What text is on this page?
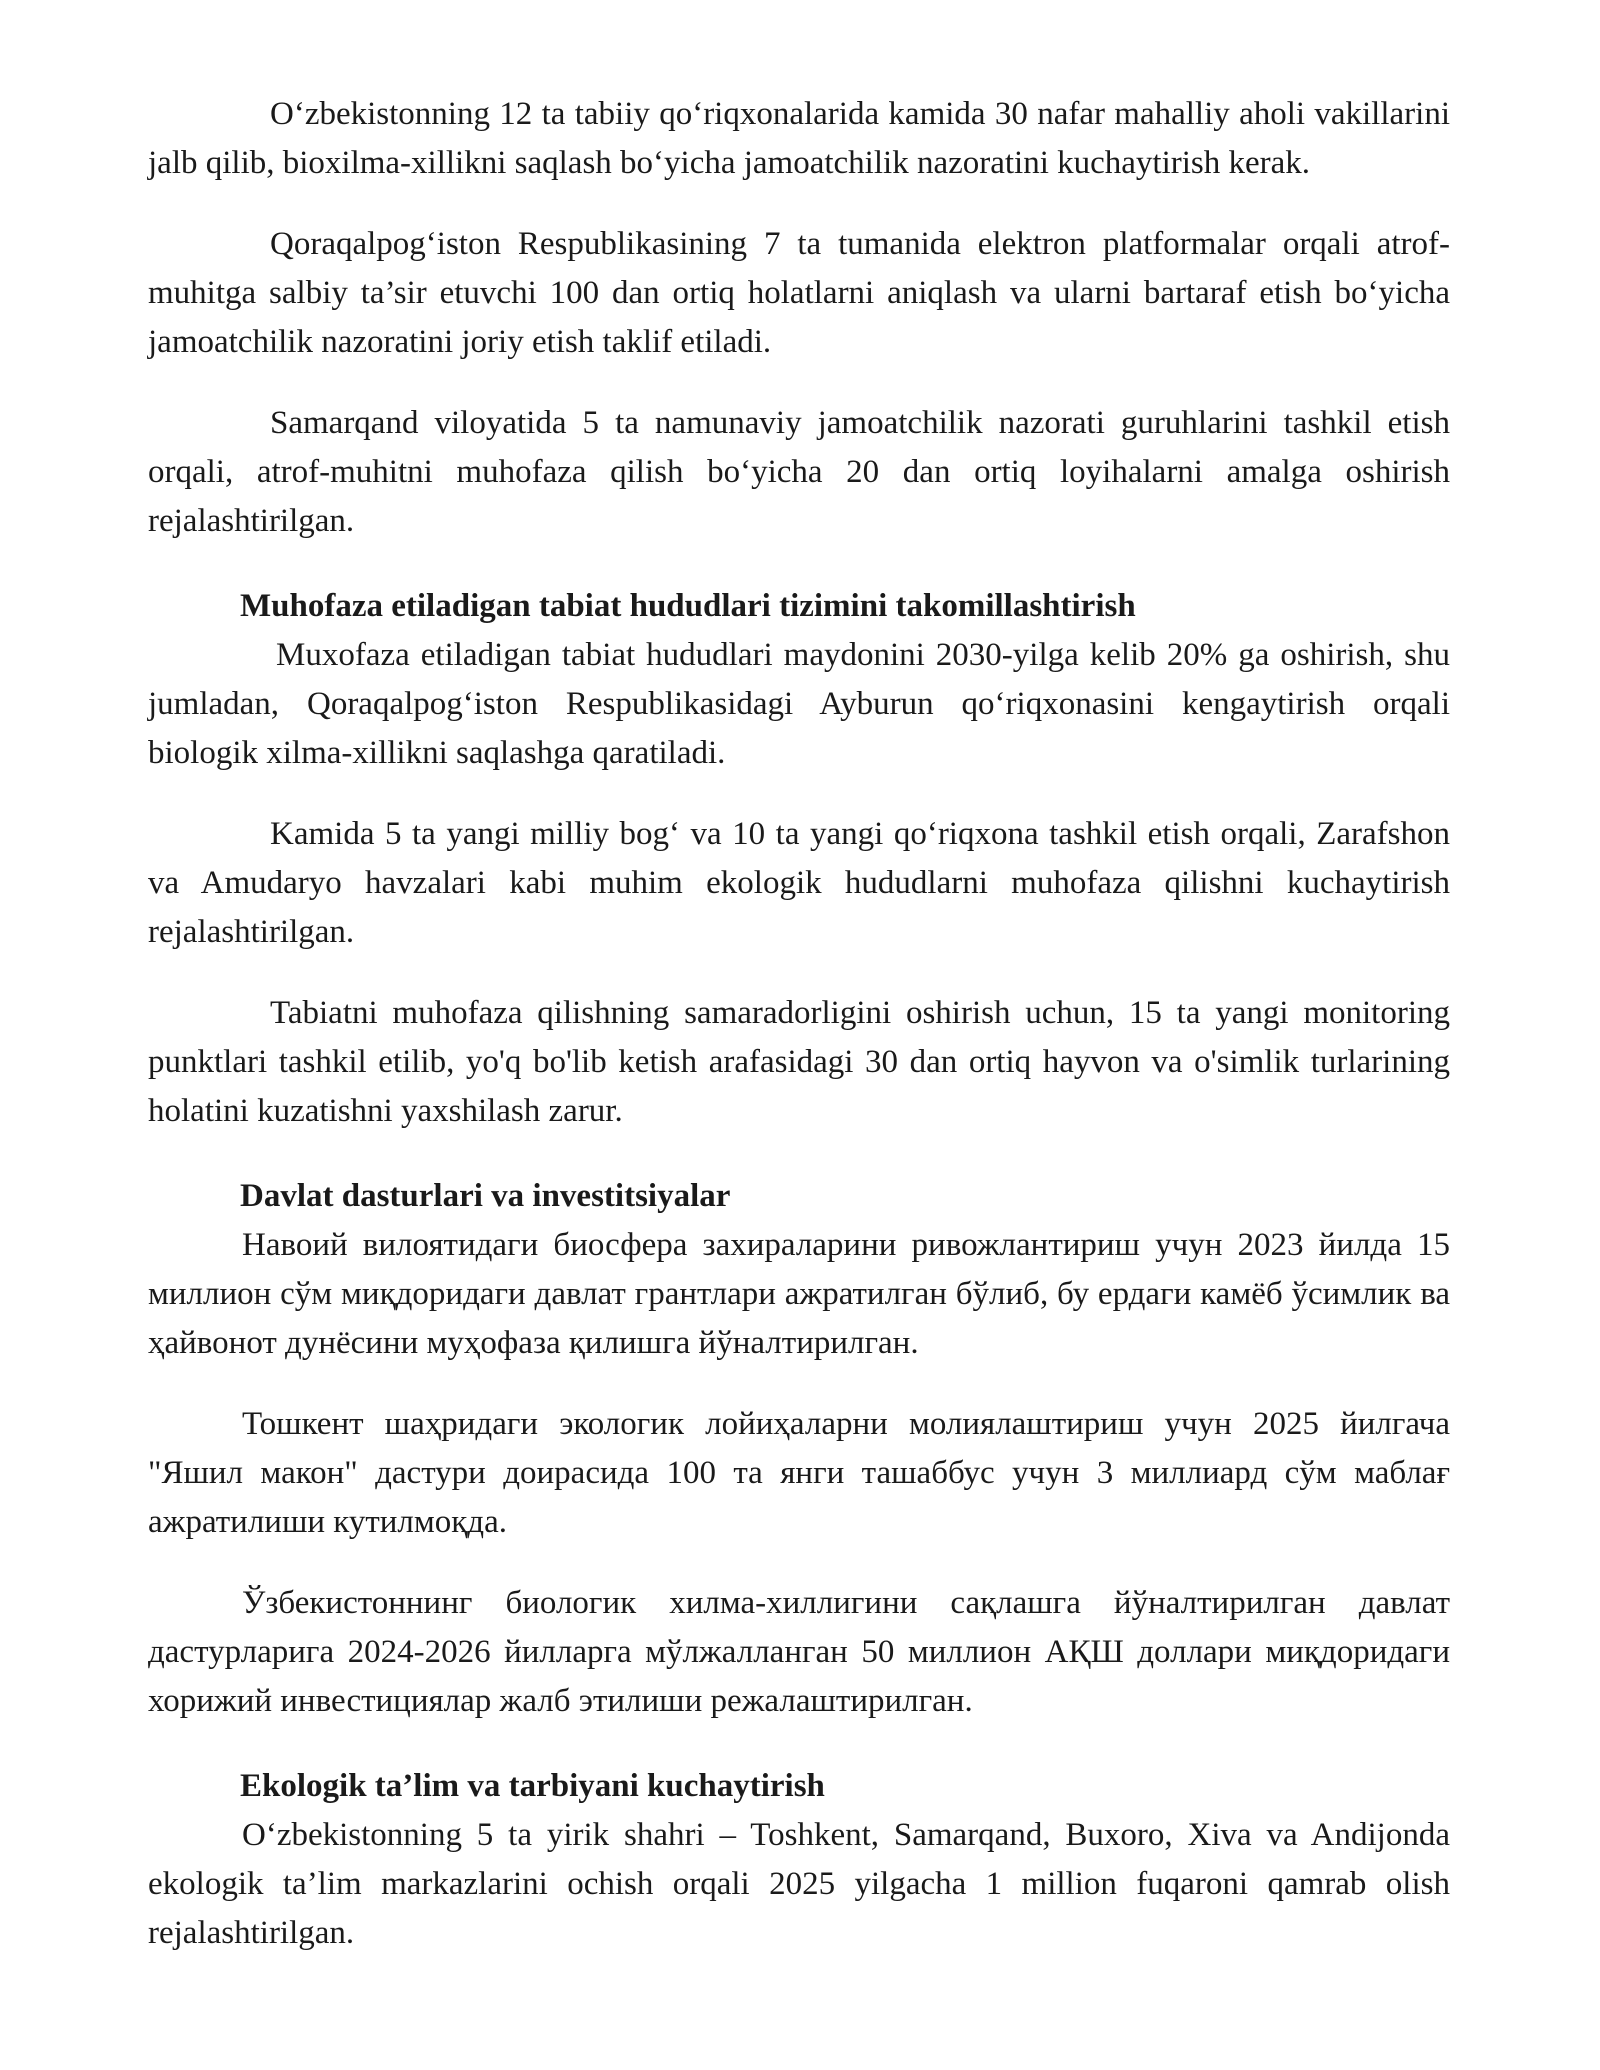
O‘zbekistonning 12 ta tabiiy qo‘riqxonalarida kamida 30 nafar mahalliy aholi vakillarini jalb qilib, bioxilma-xillikni saqlash bo‘yicha jamoatchilik nazoratini kuchaytirish kerak.

Qoraqalpog‘iston Respublikasining 7 ta tumanida elektron platformalar orqali atrof-muhitga salbiy ta’sir etuvchi 100 dan ortiq holatlarni aniqlash va ularni bartaraf etish bo‘yicha jamoatchilik nazoratini joriy etish taklif etiladi.

Samarqand viloyatida 5 ta namunaviy jamoatchilik nazorati guruhlarini tashkil etish orqali, atrof-muhitni muhofaza qilish bo‘yicha 20 dan ortiq loyihalarni amalga oshirish rejalashtirilgan.

Muhofaza etiladigan tabiat hududlari tizimini takomillashtirish

Muxofaza etiladigan tabiat hududlari maydonini 2030-yilga kelib 20% ga oshirish, shu jumladan, Qoraqalpog‘iston Respublikasidagi Ayburun qo‘riqxonasini kengaytirish orqali biologik xilma-xillikni saqlashga qaratiladi.

Kamida 5 ta yangi milliy bog‘ va 10 ta yangi qo‘riqxona tashkil etish orqali, Zarafshon va Amudaryo havzalari kabi muhim ekologik hududlarni muhofaza qilishni kuchaytirish rejalashtirilgan.

Tabiatni muhofaza qilishning samaradorligini oshirish uchun, 15 ta yangi monitoring punktlari tashkil etilib, yo'q bo'lib ketish arafasidagi 30 dan ortiq hayvon va o'simlik turlarining holatini kuzatishni yaxshilash zarur.

Davlat dasturlari va investitsiyalar

Навоий вилоятидаги биосфера захираларини ривожлантириш учун 2023 йилда 15 миллион сўм миқдоридаги давлат грантлари ажратилган бўлиб, бу ердаги камёб ўсимлик ва ҳайвонот дунёсини муҳофаза қилишга йўналтирилган.

Тошкент шаҳридаги экологик лойиҳаларни молиялаштириш учун 2025 йилгача "Яшил макон" дастури доирасида 100 та янги ташаббус учун 3 миллиард сўм маблағ ажратилиши кутилмоқда.

Ўзбекистоннинг биологик хилма-хиллигини сақлашга йўналтирилган давлат дастурларига 2024-2026 йилларга мўлжалланган 50 миллион АҚШ доллари миқдоридаги хорижий инвестициялар жалб этилиши режалаштирилган.

Ekologik ta’lim va tarbiyani kuchaytirish

O‘zbekistonning 5 ta yirik shahri – Toshkent, Samarqand, Buxoro, Xiva va Andijonda ekologik ta’lim markazlarini ochish orqali 2025 yilgacha 1 million fuqaroni qamrab olish rejalashtirilgan.
